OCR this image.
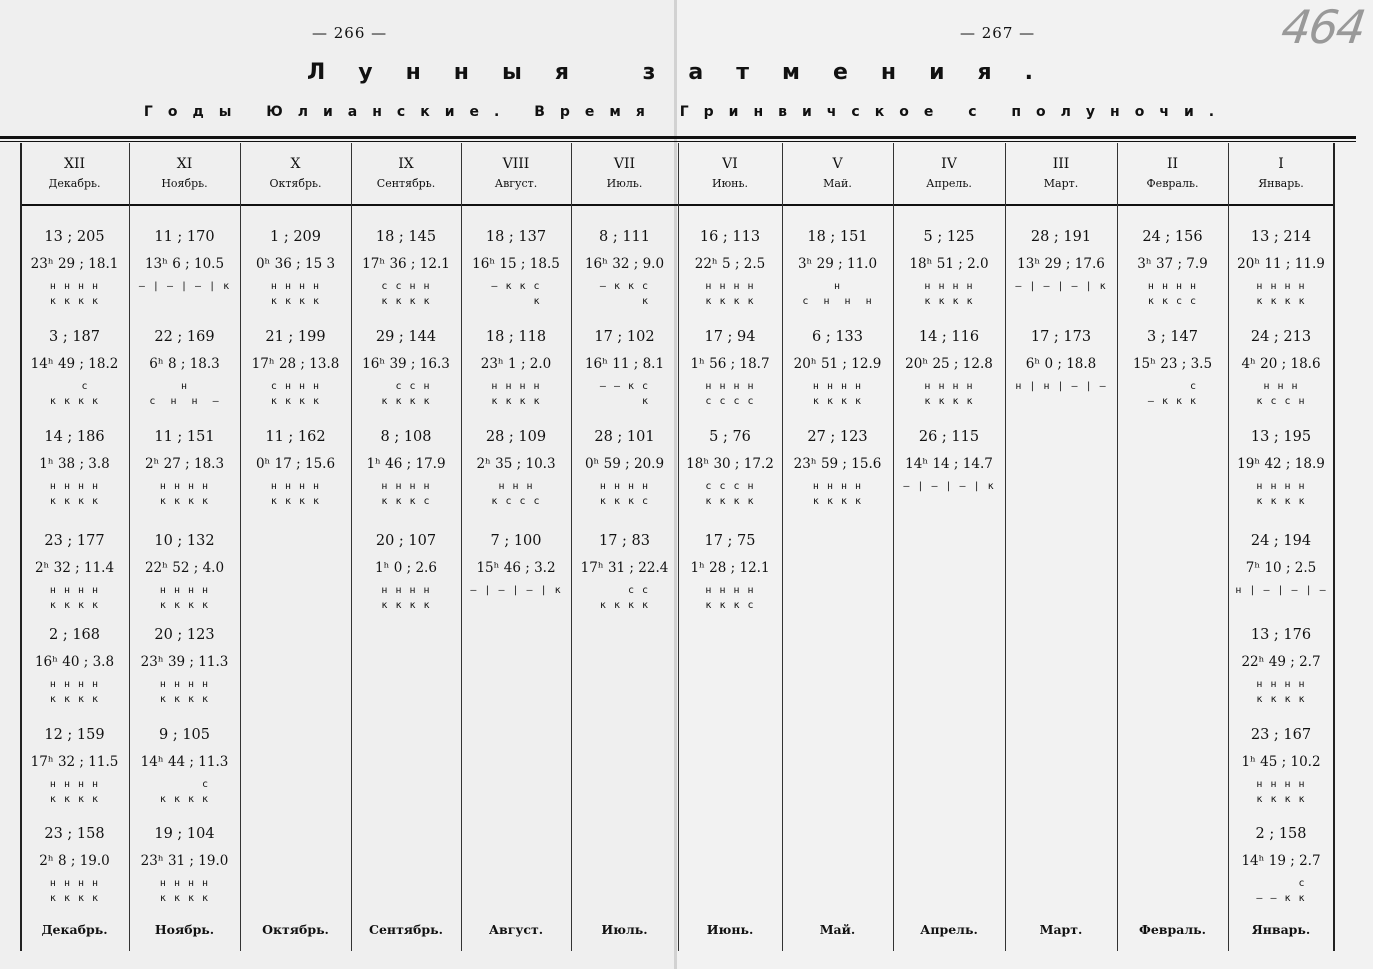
— 266 —	— 267 —	464
Лунныя затмения.
Годы Юлианские. Время Гринвичское с полуночи.
XII
Декабрь.
Декабрь.
13 ; 205
23ʰ 29 ; 18.1
н н н н
к к к к
3 ; 187
14ʰ 49 ; 18.2
с
к к к к
14 ; 186
1ʰ 38 ; 3.8
н н н н
к к к к
23 ; 177
2ʰ 32 ; 11.4
н н н н
к к к к
2 ; 168
16ʰ 40 ; 3.8
н н н н
к к к к
12 ; 159
17ʰ 32 ; 11.5
н н н н
к к к к
23 ; 158
2ʰ 8 ; 19.0
н н н н
к к к к
XI
Ноябрь.
Ноябрь.
11 ; 170
13ʰ 6 ; 10.5
— | — | — | к
22 ; 169
6ʰ 8 ; 18.3
н
с  н  н  —
11 ; 151
2ʰ 27 ; 18.3
н н н н
к к к к
10 ; 132
22ʰ 52 ; 4.0
н н н н
к к к к
20 ; 123
23ʰ 39 ; 11.3
н н н н
к к к к
9 ; 105
14ʰ 44 ; 11.3
с
к к к к
19 ; 104
23ʰ 31 ; 19.0
н н н н
к к к к
X
Октябрь.
Октябрь.
1 ; 209
0ʰ 36 ; 15 3
н н н н
к к к к
21 ; 199
17ʰ 28 ; 13.8
с н н н
к к к к
11 ; 162
0ʰ 17 ; 15.6
н н н н
к к к к
IX
Сентябрь.
Сентябрь.
18 ; 145
17ʰ 36 ; 12.1
с с н н
к к к к
29 ; 144
16ʰ 39 ; 16.3
с с н
к к к к
8 ; 108
1ʰ 46 ; 17.9
н н н н
к к к с
20 ; 107
1ʰ 0 ; 2.6
н н н н
к к к к
VIII
Август.
Август.
18 ; 137
16ʰ 15 ; 18.5
— к к с
к
18 ; 118
23ʰ 1 ; 2.0
н н н н
к к к к
28 ; 109
2ʰ 35 ; 10.3
н н н
к с с с
7 ; 100
15ʰ 46 ; 3.2
— | — | — | к
VII
Июль.
Июль.
8 ; 111
16ʰ 32 ; 9.0
— к к с
к
17 ; 102
16ʰ 11 ; 8.1
— — к с
к
28 ; 101
0ʰ 59 ; 20.9
н н н н
к к к с
17 ; 83
17ʰ 31 ; 22.4
с с
к к к к
VI
Июнь.
Июнь.
16 ; 113
22ʰ 5 ; 2.5
н н н н
к к к к
17 ; 94
1ʰ 56 ; 18.7
н н н н
с с с с
5 ; 76
18ʰ 30 ; 17.2
с с с н
к к к к
17 ; 75
1ʰ 28 ; 12.1
н н н н
к к к с
V
Май.
Май.
18 ; 151
3ʰ 29 ; 11.0
н
с  н  н  н
6 ; 133
20ʰ 51 ; 12.9
н н н н
к к к к
27 ; 123
23ʰ 59 ; 15.6
н н н н
к к к к
IV
Апрель.
Апрель.
5 ; 125
18ʰ 51 ; 2.0
н н н н
к к к к
14 ; 116
20ʰ 25 ; 12.8
н н н н
к к к к
26 ; 115
14ʰ 14 ; 14.7
— | — | — | к
III
Март.
Март.
28 ; 191
13ʰ 29 ; 17.6
— | — | — | к
17 ; 173
6ʰ 0 ; 18.8
н | н | — | —
II
Февраль.
Февраль.
24 ; 156
3ʰ 37 ; 7.9
н н н н
к к с с
3 ; 147
15ʰ 23 ; 3.5
с
— к к к
I
Январь.
Январь.
13 ; 214
20ʰ 11 ; 11.9
н н н н
к к к к
24 ; 213
4ʰ 20 ; 18.6
н н н
к с с н
13 ; 195
19ʰ 42 ; 18.9
н н н н
к к к к
24 ; 194
7ʰ 10 ; 2.5
н | — | — | —
13 ; 176
22ʰ 49 ; 2.7
н н н н
к к к к
23 ; 167
1ʰ 45 ; 10.2
н н н н
к к к к
2 ; 158
14ʰ 19 ; 2.7
с
— — к к
